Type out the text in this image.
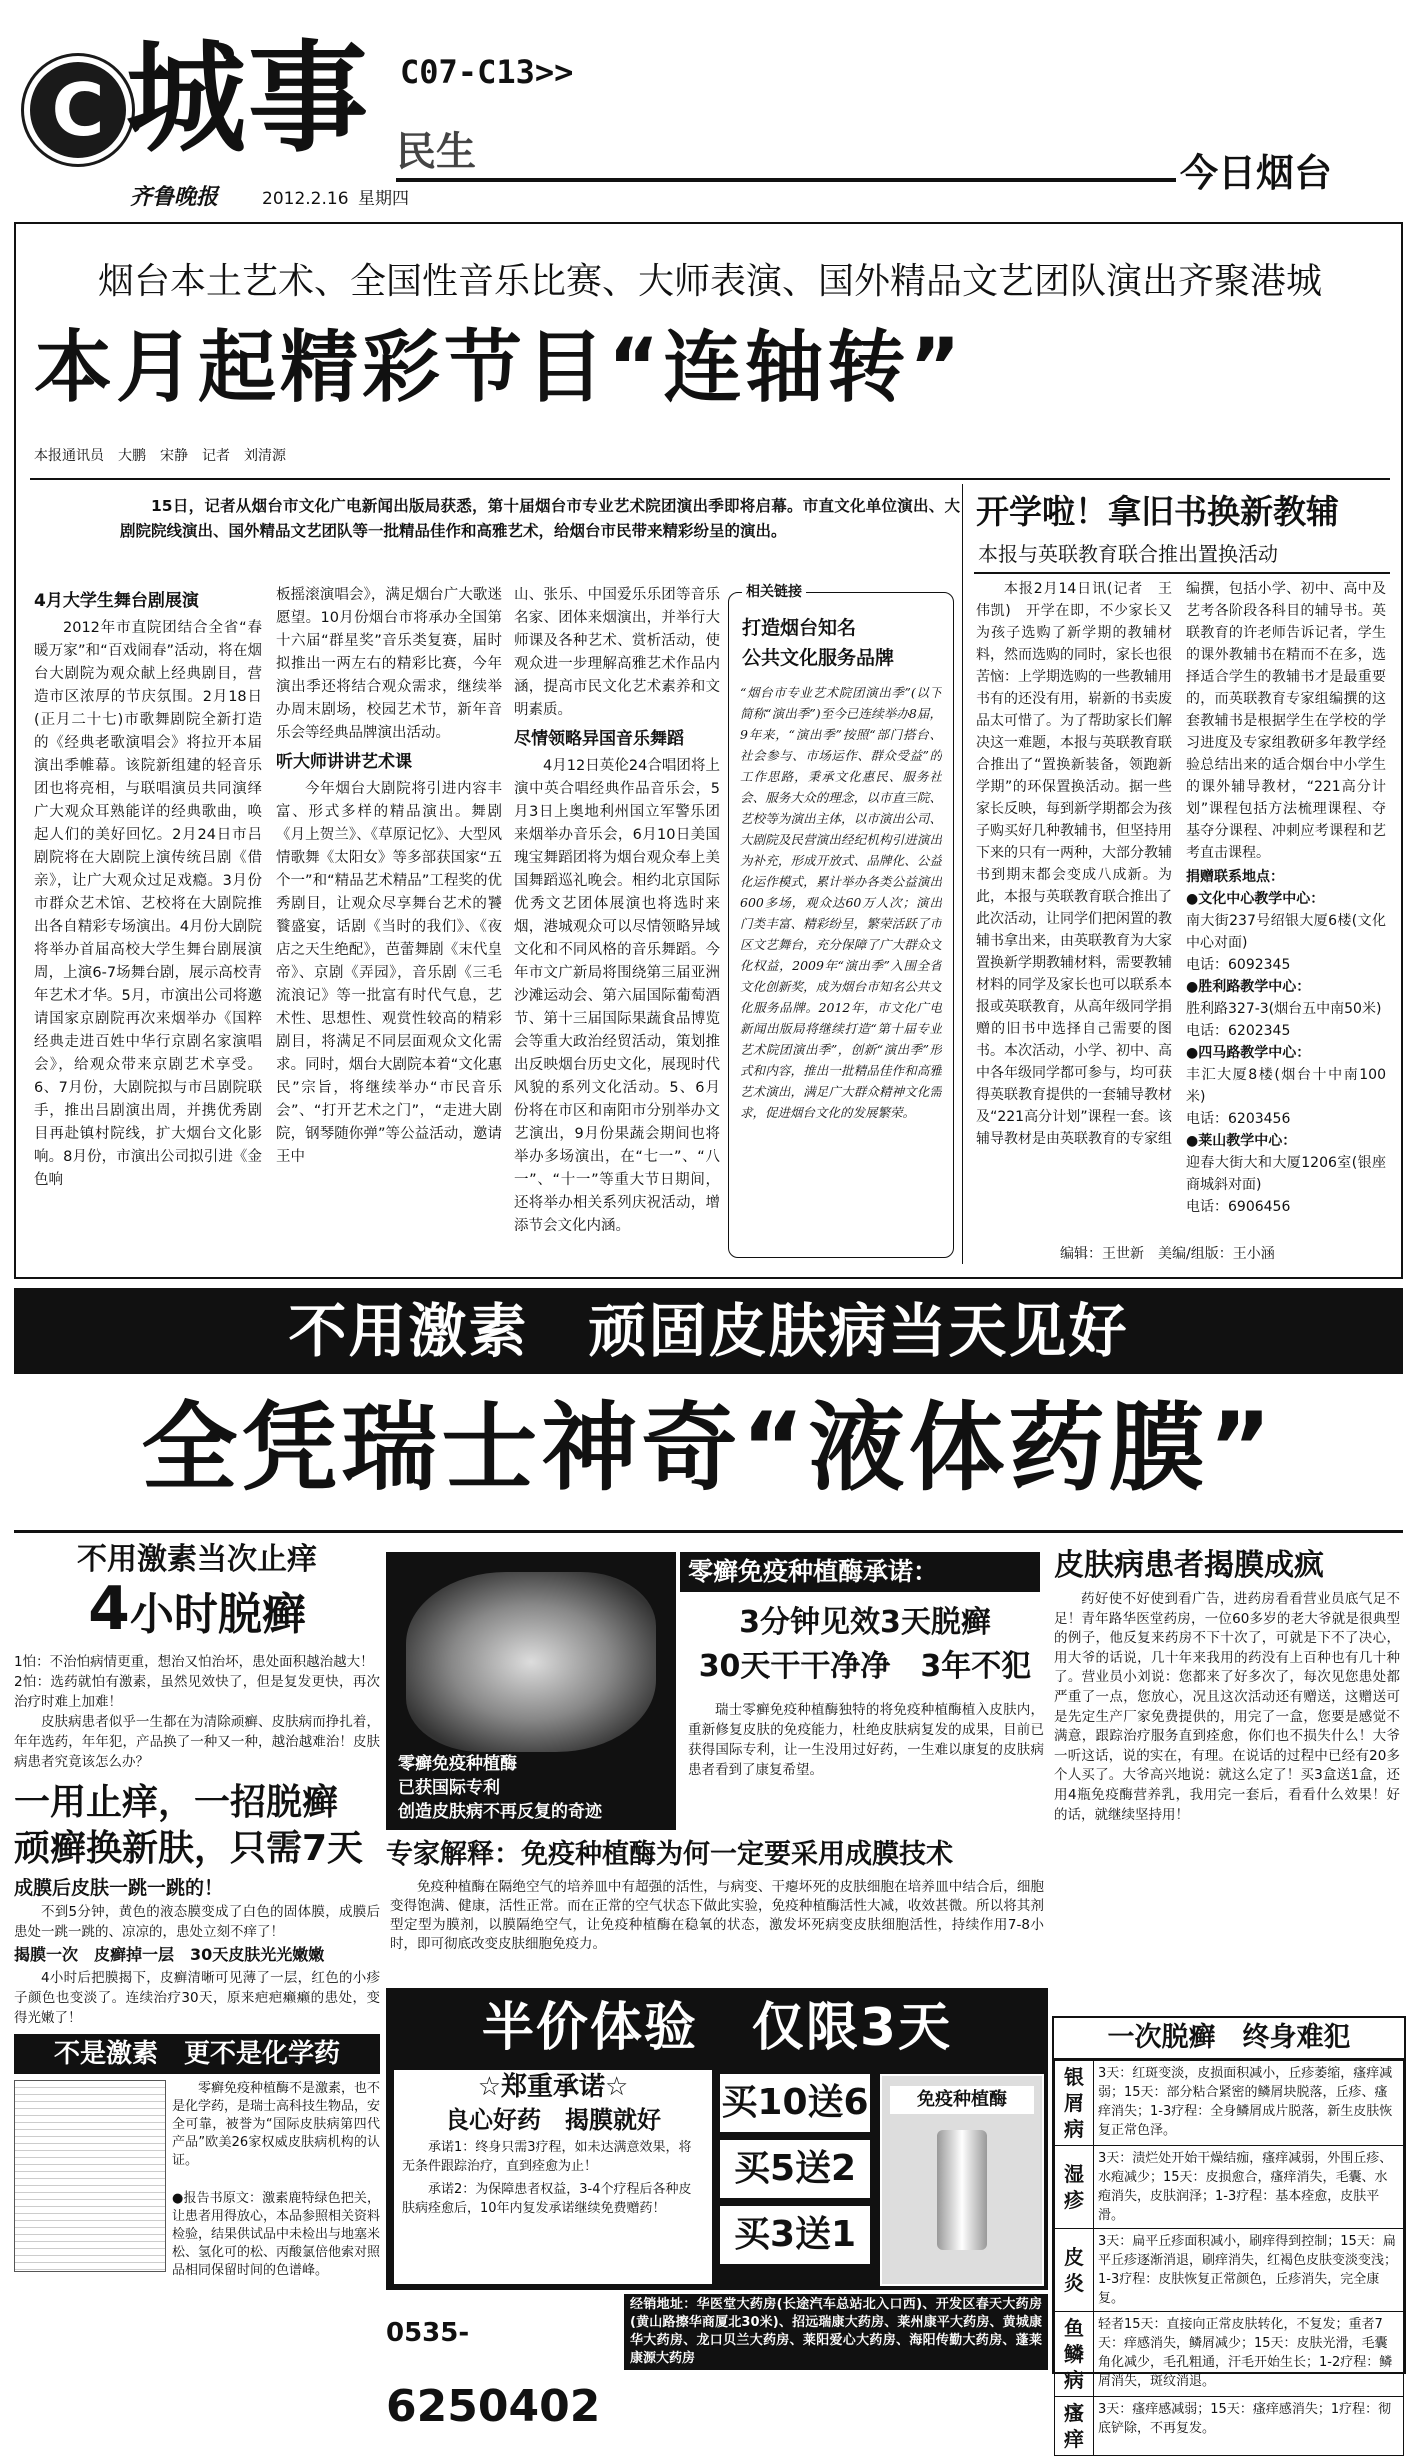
C 城事 C07-C13>>
民生
齐鲁晚报	2012.2.16 星期四
今日烟台
烟台本土艺术、全国性音乐比赛、大师表演、国外精品文艺团队演出齐聚港城
本月起精彩节目“连轴转”
本报通讯员　大鹏　宋静　记者　刘清源

15日，记者从烟台市文化广电新闻出版局获悉，第十届烟台市专业艺术院团演出季即将启幕。市直文化单位演出、大剧院院线演出、国外精品文艺团队等一批精品佳作和高雅艺术，给烟台市民带来精彩纷呈的演出。

4月大学生舞台剧展演

2012年市直院团结合全省“春暖万家”和“百戏闹春”活动，将在烟台大剧院为观众献上经典剧目，营造市区浓厚的节庆氛围。2月18日(正月二十七)市歌舞剧院全新打造的《经典老歌演唱会》将拉开本届演出季帷幕。该院新组建的轻音乐团也将亮相，与联唱演员共同演绎广大观众耳熟能详的经典歌曲，唤起人们的美好回忆。2月24日市吕剧院将在大剧院上演传统吕剧《借亲》，让广大观众过足戏瘾。3月份市群众艺术馆、艺校将在大剧院推出各自精彩专场演出。4月份大剧院将举办首届高校大学生舞台剧展演周，上演6-7场舞台剧，展示高校青年艺术才华。5月，市演出公司将邀请国家京剧院再次来烟举办《国粹经典走进百姓中华行京剧名家演唱会》，给观众带来京剧艺术享受。6、7月份，大剧院拟与市吕剧院联手，推出吕剧演出周，并携优秀剧目再赴镇村院线，扩大烟台文化影响。8月份，市演出公司拟引进《金色响

板摇滚演唱会》，满足烟台广大歌迷愿望。10月份烟台市将承办全国第十六届“群星奖”音乐类复赛，届时拟推出一两左右的精彩比赛，今年演出季还将结合观众需求，继续举办周末剧场，校园艺术节，新年音乐会等经典品牌演出活动。

听大师讲讲艺术课

今年烟台大剧院将引进内容丰富、形式多样的精品演出。舞剧《月上贺兰》、《草原记忆》、大型风情歌舞《太阳女》等多部获国家“五个一”和“精品艺术精品”工程奖的优秀剧目，让观众尽享舞台艺术的饕餮盛宴，话剧《当时的我们》、《夜店之天生绝配》，芭蕾舞剧《末代皇帝》、京剧《弄园》，音乐剧《三毛流浪记》等一批富有时代气息，艺术性、思想性、观赏性较高的精彩剧目，将满足不同层面观众文化需求。同时，烟台大剧院本着“文化惠民”宗旨，将继续举办“市民音乐会”、“打开艺术之门”，“走进大剧院，钢琴随你弹”等公益活动，邀请王中

山、张乐、中国爱乐乐团等音乐名家、团体来烟演出，并举行大师课及各种艺术、赏析活动，使观众进一步理解高雅艺术作品内涵，提高市民文化艺术素养和文明素质。

尽情领略异国音乐舞蹈

4月12日英伦24合唱团将上演中英合唱经典作品音乐会，5月3日上奥地利州国立军警乐团来烟举办音乐会，6月10日美国瑰宝舞蹈团将为烟台观众奉上美国舞蹈巡礼晚会。相约北京国际优秀文艺团体展演也将选时来烟，港城观众可以尽情领略异域文化和不同风格的音乐舞蹈。今年市文广新局将围绕第三届亚洲沙滩运动会、第六届国际葡萄酒节、第十三届国际果蔬食品博览会等重大政治经贸活动，策划推出反映烟台历史文化，展现时代风貌的系列文化活动。5、6月份将在市区和南阳市分别举办文艺演出，9月份果蔬会期间也将举办多场演出，在“七一”、“八一”、“十一”等重大节日期间，还将举办相关系列庆祝活动，增添节会文化内涵。

相关链接
打造烟台知名
公共文化服务品牌
“烟台市专业艺术院团演出季”(以下简称“演出季”)至今已连续举办8届，9年来，“演出季”按照“部门搭台、社会参与、市场运作、群众受益”的工作思路，秉承文化惠民、服务社会、服务大众的理念，以市直三院、艺校等为演出主体，以市演出公司、大剧院及民营演出经纪机构引进演出为补充，形成开放式、品牌化、公益化运作模式，累计举办各类公益演出600多场，观众达60万人次；演出门类丰富、精彩纷呈，繁荣活跃了市区文艺舞台，充分保障了广大群众文化权益，2009年“演出季”入围全省文化创新奖，成为烟台市知名公共文化服务品牌。2012年，市文化广电新闻出版局将继续打造“第十届专业艺术院团演出季”，创新“演出季”形式和内容，推出一批精品佳作和高雅艺术演出，满足广大群众精神文化需求，促进烟台文化的发展繁荣。
开学啦！拿旧书换新教辅
本报与英联教育联合推出置换活动

本报2月14日讯(记者　王伟凯)　开学在即，不少家长又为孩子选购了新学期的教辅材料，然而选购的同时，家长也很苦恼：上学期选购的一些教辅用书有的还没有用，崭新的书卖废品太可惜了。为了帮助家长们解决这一难题，本报与英联教育联合推出了“置换新装备，领跑新学期”的环保置换活动。据一些家长反映，每到新学期都会为孩子购买好几种教辅书，但坚持用下来的只有一两种，大部分教辅书到期末都会变成八成新。为此，本报与英联教育联合推出了此次活动，让同学们把闲置的教辅书拿出来，由英联教育为大家置换新学期教辅材料，需要教辅材料的同学及家长也可以联系本报或英联教育，从高年级同学捐赠的旧书中选择自己需要的图书。本次活动，小学、初中、高中各年级同学都可参与，均可获得英联教育提供的一套辅导教材及“221高分计划”课程一套。该辅导教材是由英联教育的专家组

编撰，包括小学、初中、高中及艺考各阶段各科目的辅导书。英联教育的许老师告诉记者，学生的课外教辅书在精而不在多，选择适合学生的教辅书才是最重要的，而英联教育专家组编撰的这套教辅书是根据学生在学校的学习进度及专家组教研多年教学经验总结出来的适合烟台中小学生的课外辅导教材，“221高分计划”课程包括方法梳理课程、夺基夺分课程、冲刺应考课程和艺考直击课程。

捐赠联系地点：
●文化中心教学中心：
南大街237号绍银大厦6楼(文化中心对面)
电话：6092345
●胜利路教学中心：
胜利路327-3(烟台五中南50米)
电话：6202345
●四马路教学中心：
丰汇大厦8楼(烟台十中南100米)
电话：6203456
●莱山教学中心：
迎春大街大和大厦1206室(银座商城斜对面)
电话：6906456
编辑：王世新　美编/组版：王小涵
不用激素　顽固皮肤病当天见好
全凭瑞士神奇“液体药膜”
不用激素当次止痒
4小时脱癣
1怕：不治怕病情更重，想治又怕治坏，患处面积越治越大！
2怕：选药就怕有激素，虽然见效快了，但是复发更快，再次治疗时难上加难！
皮肤病患者似乎一生都在为清除顽癣、皮肤病而挣扎着，年年选药，年年犯，产品换了一种又一种，越治越难治！皮肤病患者究竟该怎么办？
一用止痒，一招脱癣
顽癣换新肤，只需7天
成膜后皮肤一跳一跳的！
不到5分钟，黄色的液态膜变成了白色的固体膜，成膜后患处一跳一跳的、凉凉的，患处立刻不痒了！
揭膜一次　皮癣掉一层　30天皮肤光光嫩嫩
4小时后把膜揭下，皮癣清晰可见薄了一层，红色的小疹子颜色也变淡了。连续治疗30天，原来疤疤癞癞的患处，变得光嫩了！
不是激素　更不是化学药
零癣免疫种植酶不是激素，也不是化学药，是瑞士高科技生物品，安全可靠，被誉为“国际皮肤病第四代产品”欧美26家权威皮肤病机构的认证。
●报告书原文：激素鹿特绿色把关，让患者用得放心，本品参照相关资料检验，结果供试品中未检出与地塞米松、氢化可的松、丙酸氯倍他索对照品相同保留时间的色谱峰。
零癣免疫种植酶
已获国际专利
创造皮肤病不再反复的奇迹
零癣免疫种植酶承诺：
3分钟见效3天脱癣
30天干干净净　3年不犯
瑞士零癣免疫种植酶独特的将免疫种植酶植入皮肤内，重新修复皮肤的免疫能力，杜绝皮肤病复发的成果，目前已获得国际专利，让一生没用过好药，一生难以康复的皮肤病患者看到了康复希望。
专家解释：免疫种植酶为何一定要采用成膜技术
免疫种植酶在隔绝空气的培养皿中有超强的活性，与病变、干瘪坏死的皮肤细胞在培养皿中结合后，细胞变得饱满、健康，活性正常。而在正常的空气状态下做此实验，免疫种植酶活性大减，收效甚微。所以将其剂型定型为膜剂，以膜隔绝空气，让免疫种植酶在稳氧的状态，激发坏死病变皮肤细胞活性，持续作用7-8小时，即可彻底改变皮肤细胞免疫力。
半价体验　仅限3天
☆郑重承诺☆
良心好药　揭膜就好
承诺1：终身只需3疗程，如未达满意效果，将无条件跟踪治疗，直到痊愈为止！
承诺2：为保障患者权益，3-4个疗程后各种皮肤病痊愈后，10年内复发承诺继续免费赠药！
买10送6
买5送2
买3送1
免疫种植酶
0535-6250402
经销地址：华医堂大药房(长途汽车总站北入口西)、开发区春天大药房(黄山路擦华商厦北30米)、招远瑞康大药房、莱州康平大药房、黄城康华大药房、龙口贝兰大药房、莱阳爱心大药房、海阳传勤大药房、蓬莱康源大药房
皮肤病患者揭膜成疯
药好使不好使到看广告，进药房看看营业员底气足不足！青年路华医堂药房，一位60多岁的老大爷就是很典型的例子，他反复来药房不下十次了，可就是下不了决心，用大爷的话说，几十年来我用的药没有上百种也有几十种了。营业员小刘说：您都来了好多次了，每次见您患处都严重了一点，您放心，况且这次活动还有赠送，这赠送可是先定生产厂家免费提供的，用完了一盒，您要是感觉不满意，跟踪治疗服务直到痊愈，你们也不损失什么！大爷一听这话，说的实在，有理。在说话的过程中已经有20多个人买了。大爷高兴地说：就这么定了！买3盒送1盒，还用4瓶免疫酶营养乳，我用完一套后，看看什么效果！好的话，就继续坚持用！
一次脱癣　终身难犯
银屑病	3天：红斑变淡，皮损面积减小，丘疹萎缩，瘙痒减弱；15天：部分粘合紧密的鳞屑块脱落，丘疹、瘙痒消失；1-3疗程：全身鳞屑成片脱落，新生皮肤恢复正常色泽。
湿疹	3天：渍烂处开始干燥结痂，瘙痒减弱，外围丘疹、水疱减少；15天：皮损愈合，瘙痒消失，毛囊、水疱消失，皮肤润泽；1-3疗程：基本痊愈，皮肤平滑。
皮炎	3天：扁平丘疹面积减小，刷痒得到控制；15天：扁平丘疹逐渐消退，刷痒消失，红褐色皮肤变淡变浅；1-3疗程：皮肤恢复正常颜色，丘疹消失，完全康复。
鱼鳞病	轻者15天：直接向正常皮肤转化，不复发；重者7天：痒感消失，鳞屑减少；15天：皮肤光滑，毛囊角化减少，毛孔粗通，汗毛开始生长；1-2疗程：鳞屑消失，斑纹消退。
瘙痒	3天：瘙痒感减弱；15天：瘙痒感消失；1疗程：彻底铲除，不再复发。
